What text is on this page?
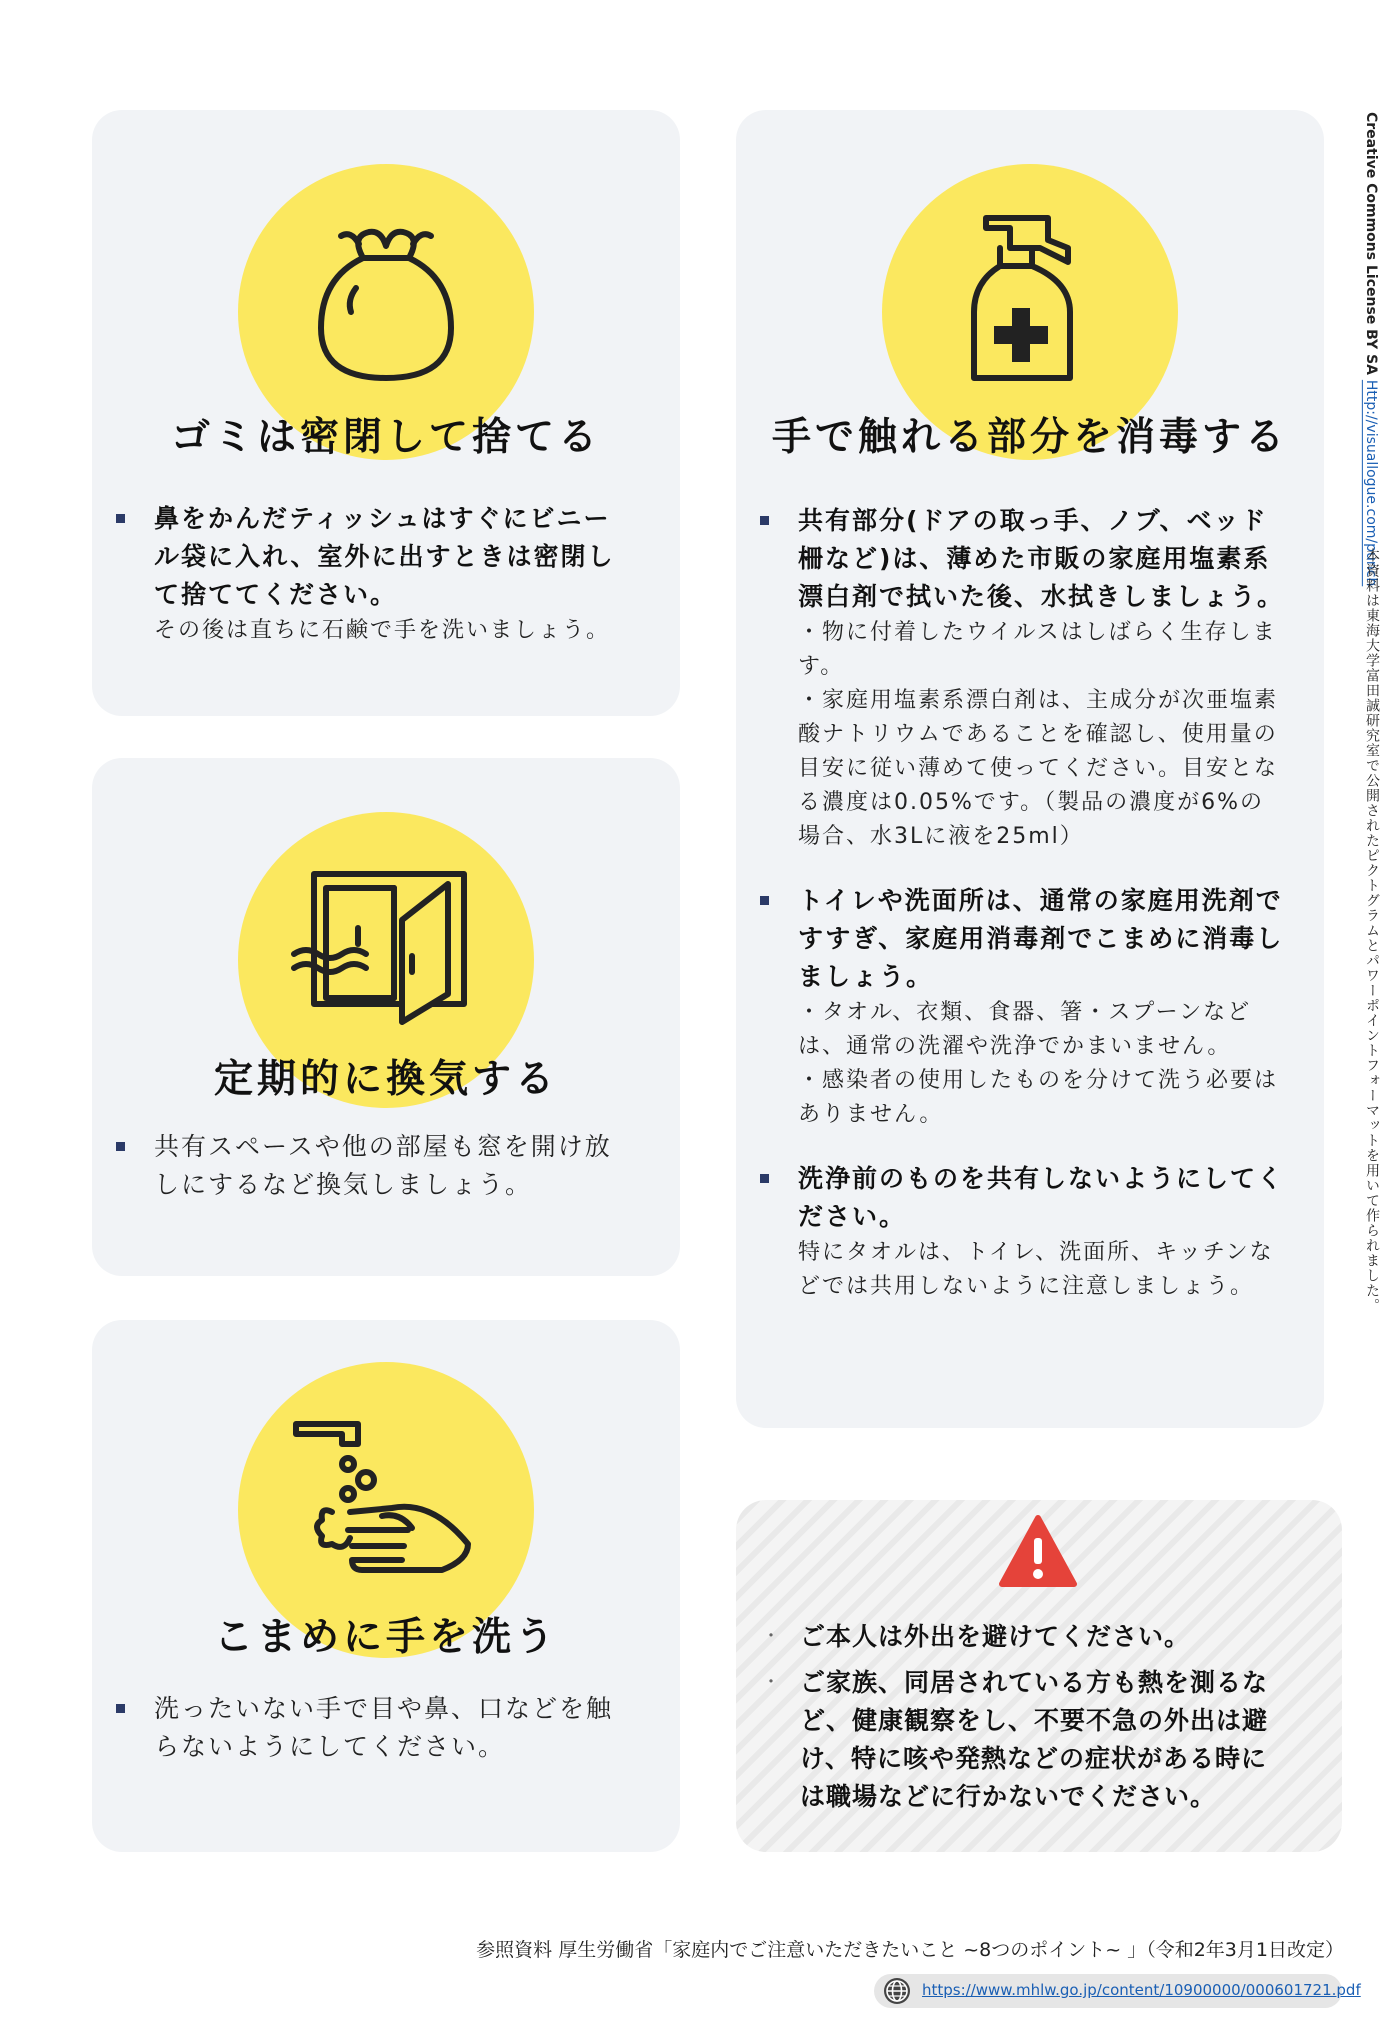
ゴミは密閉して捨てる
鼻をかんだティッシュはすぐにビニール袋に入れ、室外に出すときは密閉して捨ててください。
その後は直ちに石鹸で手を洗いましょう。
定期的に換気する
共有スペースや他の部屋も窓を開け放しにするなど換気しましょう。
こまめに手を洗う
洗ったいない手で目や鼻、口などを触らないようにしてください。
手で触れる部分を消毒する
共有部分(ドアの取っ手、ノブ、ベッド柵など)は、薄めた市販の家庭用塩素系漂白剤で拭いた後、水拭きしましょう。
・物に付着したウイルスはしばらく生存します。
・家庭用塩素系漂白剤は、主成分が次亜塩素酸ナトリウムであることを確認し、使用量の目安に従い薄めて使ってください。目安となる濃度は0.05%です。（製品の濃度が6%の場合、水3Lに液を25ml）
トイレや洗面所は、通常の家庭用洗剤ですすぎ、家庭用消毒剤でこまめに消毒しましょう。
・タオル、衣類、食器、箸・スプーンなどは、通常の洗濯や洗浄でかまいません。
・感染者の使用したものを分けて洗う必要はありません。
洗浄前のものを共有しないようにしてください。
特にタオルは、トイレ、洗面所、キッチンなどでは共用しないように注意しましょう。
・ ご本人は外出を避けてください。
・ ご家族、同居されている方も熱を測るなど、健康観察をし、不要不急の外出は避け、特に咳や発熱などの症状がある時には職場などに行かないでください。
Creative Commons License BY SA Http://visuallogue.com/punch
本資料は東海大学富田誠研究室で公開されたピクトグラムとパワーポイントフォーマットを用いて作られました。
参照資料 厚生労働省「家庭内でご注意いただきたいこと ~8つのポイント~ 」（令和2年3月1日改定）
https://www.mhlw.go.jp/content/10900000/000601721.pdf
